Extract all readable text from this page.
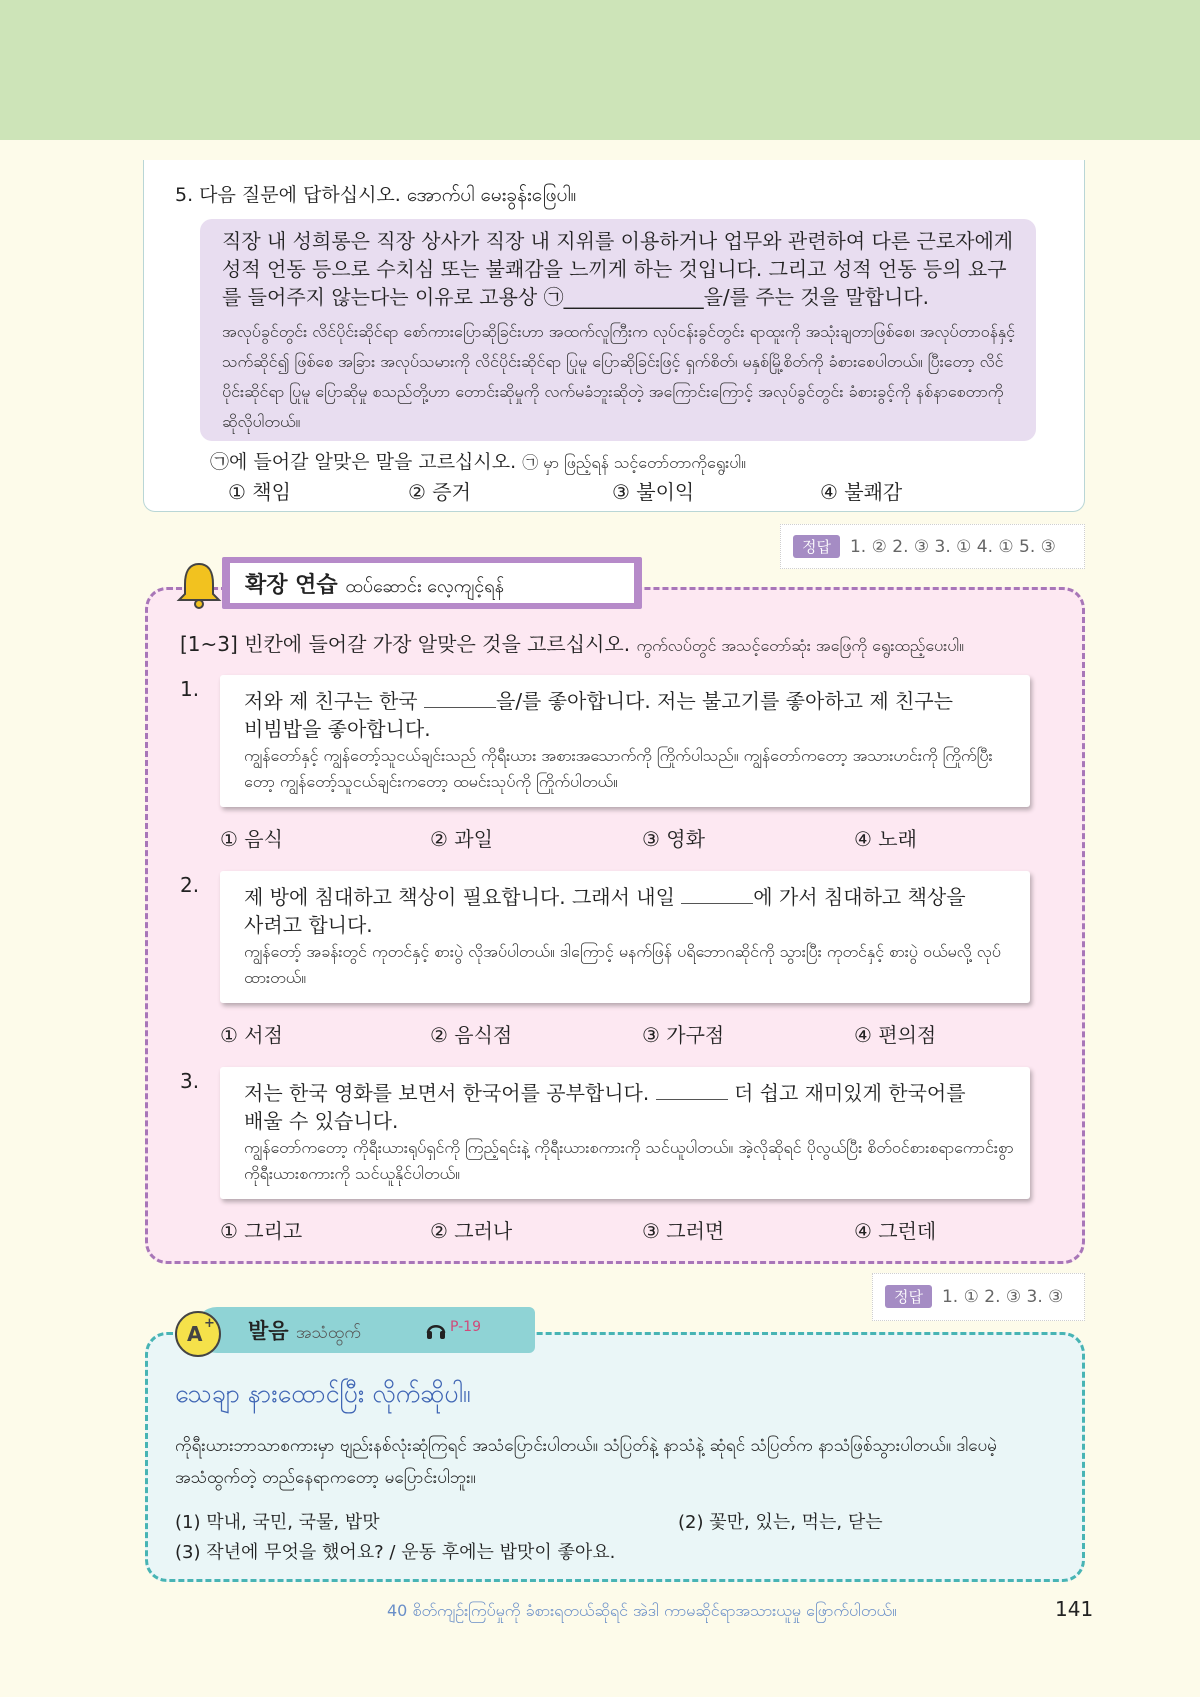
5. 다음 질문에 답하십시오. အောက်ပါ မေးခွန်းဖြေပါ။
직장 내 성희롱은 직장 상사가 직장 내 지위를 이용하거나 업무와 관련하여 다른 근로자에게 성적 언동 등으로 수치심 또는 불쾌감을 느끼게 하는 것입니다. 그리고 성적 언동 등의 요구를 들어주지 않는다는 이유로 고용상 ㉠______________을/를 주는 것을 말합니다.
အလုပ်ခွင်တွင်း လိင်ပိုင်းဆိုင်ရာ စော်ကားပြောဆိုခြင်းဟာ အထက်လူကြီးက လုပ်ငန်းခွင်တွင်း ရာထူးကို အသုံးချတာဖြစ်စေ၊ အလုပ်တာဝန်နှင့် သက်ဆိုင်၍ ဖြစ်စေ အခြား အလုပ်သမားကို လိင်ပိုင်းဆိုင်ရာ ပြုမူ ပြောဆိုခြင်းဖြင့် ရှက်စိတ်၊ မနှစ်မြို့စိတ်ကို ခံစားစေပါတယ်။ ပြီးတော့ လိင်ပိုင်းဆိုင်ရာ ပြုမူ ပြောဆိုမှု စသည်တို့ဟာ တောင်းဆိုမှုကို လက်မခံဘူးဆိုတဲ့ အကြောင်းကြောင့် အလုပ်ခွင်တွင်း ခံစားခွင့်ကို နစ်နာစေတာကို ဆိုလိုပါတယ်။
㉠에 들어갈 알맞은 말을 고르십시오. ㉠ မှာ ဖြည့်ရန် သင့်တော်တာကိုရွေးပါ။
① 책임	② 증거	③ 불이익	④ 불쾌감
정답 1. ② 2. ③ 3. ① 4. ① 5. ③
확장 연습 ထပ်ဆောင်း လေ့ကျင့်ရန်
[1~3] 빈칸에 들어갈 가장 알맞은 것을 고르십시오. ကွက်လပ်တွင် အသင့်တော်ဆုံး အဖြေကို ရွေးထည့်ပေးပါ။
1. 저와 제 친구는 한국	을/를 좋아합니다. 저는 불고기를 좋아하고 제 친구는
비빔밥을 좋아합니다.
ကျွန်တော်နှင့် ကျွန်တော့်သူငယ်ချင်းသည် ကိုရီးယား အစားအသောက်ကို ကြိုက်ပါသည်။ ကျွန်တော်ကတော့ အသားဟင်းကို ကြိုက်ပြီးတော့ ကျွန်တော့်သူငယ်ချင်းကတော့ ထမင်းသုပ်ကို ကြိုက်ပါတယ်။
① 음식	② 과일	③ 영화	④ 노래
2. 제 방에 침대하고 책상이 필요합니다. 그래서 내일	에 가서 침대하고 책상을
사려고 합니다.
ကျွန်တော့် အခန်းတွင် ကုတင်နှင့် စားပွဲ လိုအပ်ပါတယ်။ ဒါကြောင့် မနက်ဖြန် ပရိဘောဂဆိုင်ကို သွားပြီး ကုတင်နှင့် စားပွဲ ဝယ်မလို့ လုပ်ထားတယ်။
① 서점	② 음식점	③ 가구점	④ 편의점
3. 저는 한국 영화를 보면서 한국어를 공부합니다.	더 쉽고 재미있게 한국어를
배울 수 있습니다.
ကျွန်တော်ကတော့ ကိုရီးယားရုပ်ရှင်ကို ကြည့်ရင်းနဲ့ ကိုရီးယားစကားကို သင်ယူပါတယ်။ အဲ့လိုဆိုရင် ပိုလွယ်ပြီး စိတ်ဝင်စားစရာကောင်းစွာ ကိုရီးယားစကားကို သင်ယူနိုင်ပါတယ်။
① 그리고	② 그러나	③ 그러면	④ 그런데
정답 1. ① 2. ③ 3. ③
A + 발음 အသံထွက်	P-19
သေချာ နားထောင်ပြီး လိုက်ဆိုပါ။
ကိုရီးယားဘာသာစကားမှာ ဗျည်းနစ်လုံးဆုံကြရင် အသံပြောင်းပါတယ်။ သံပြတ်နဲ့ နာသံနဲ့ ဆုံရင် သံပြတ်က နာသံဖြစ်သွားပါတယ်။ ဒါပေမဲ့ အသံထွက်တဲ့ တည်နေရာကတော့ မပြောင်းပါဘူး။
(1) 막내, 국민, 국물, 밥맛	(2) 꽃만, 있는, 먹는, 닫는
(3) 작년에 무엇을 했어요? / 운동 후에는 밥맛이 좋아요.
40 စိတ်ကျဉ်းကြပ်မှုကို ခံစားရတယ်ဆိုရင် အဲဒါ ကာမဆိုင်ရာအသားယူမှု ဖြောက်ပါတယ်။	141
